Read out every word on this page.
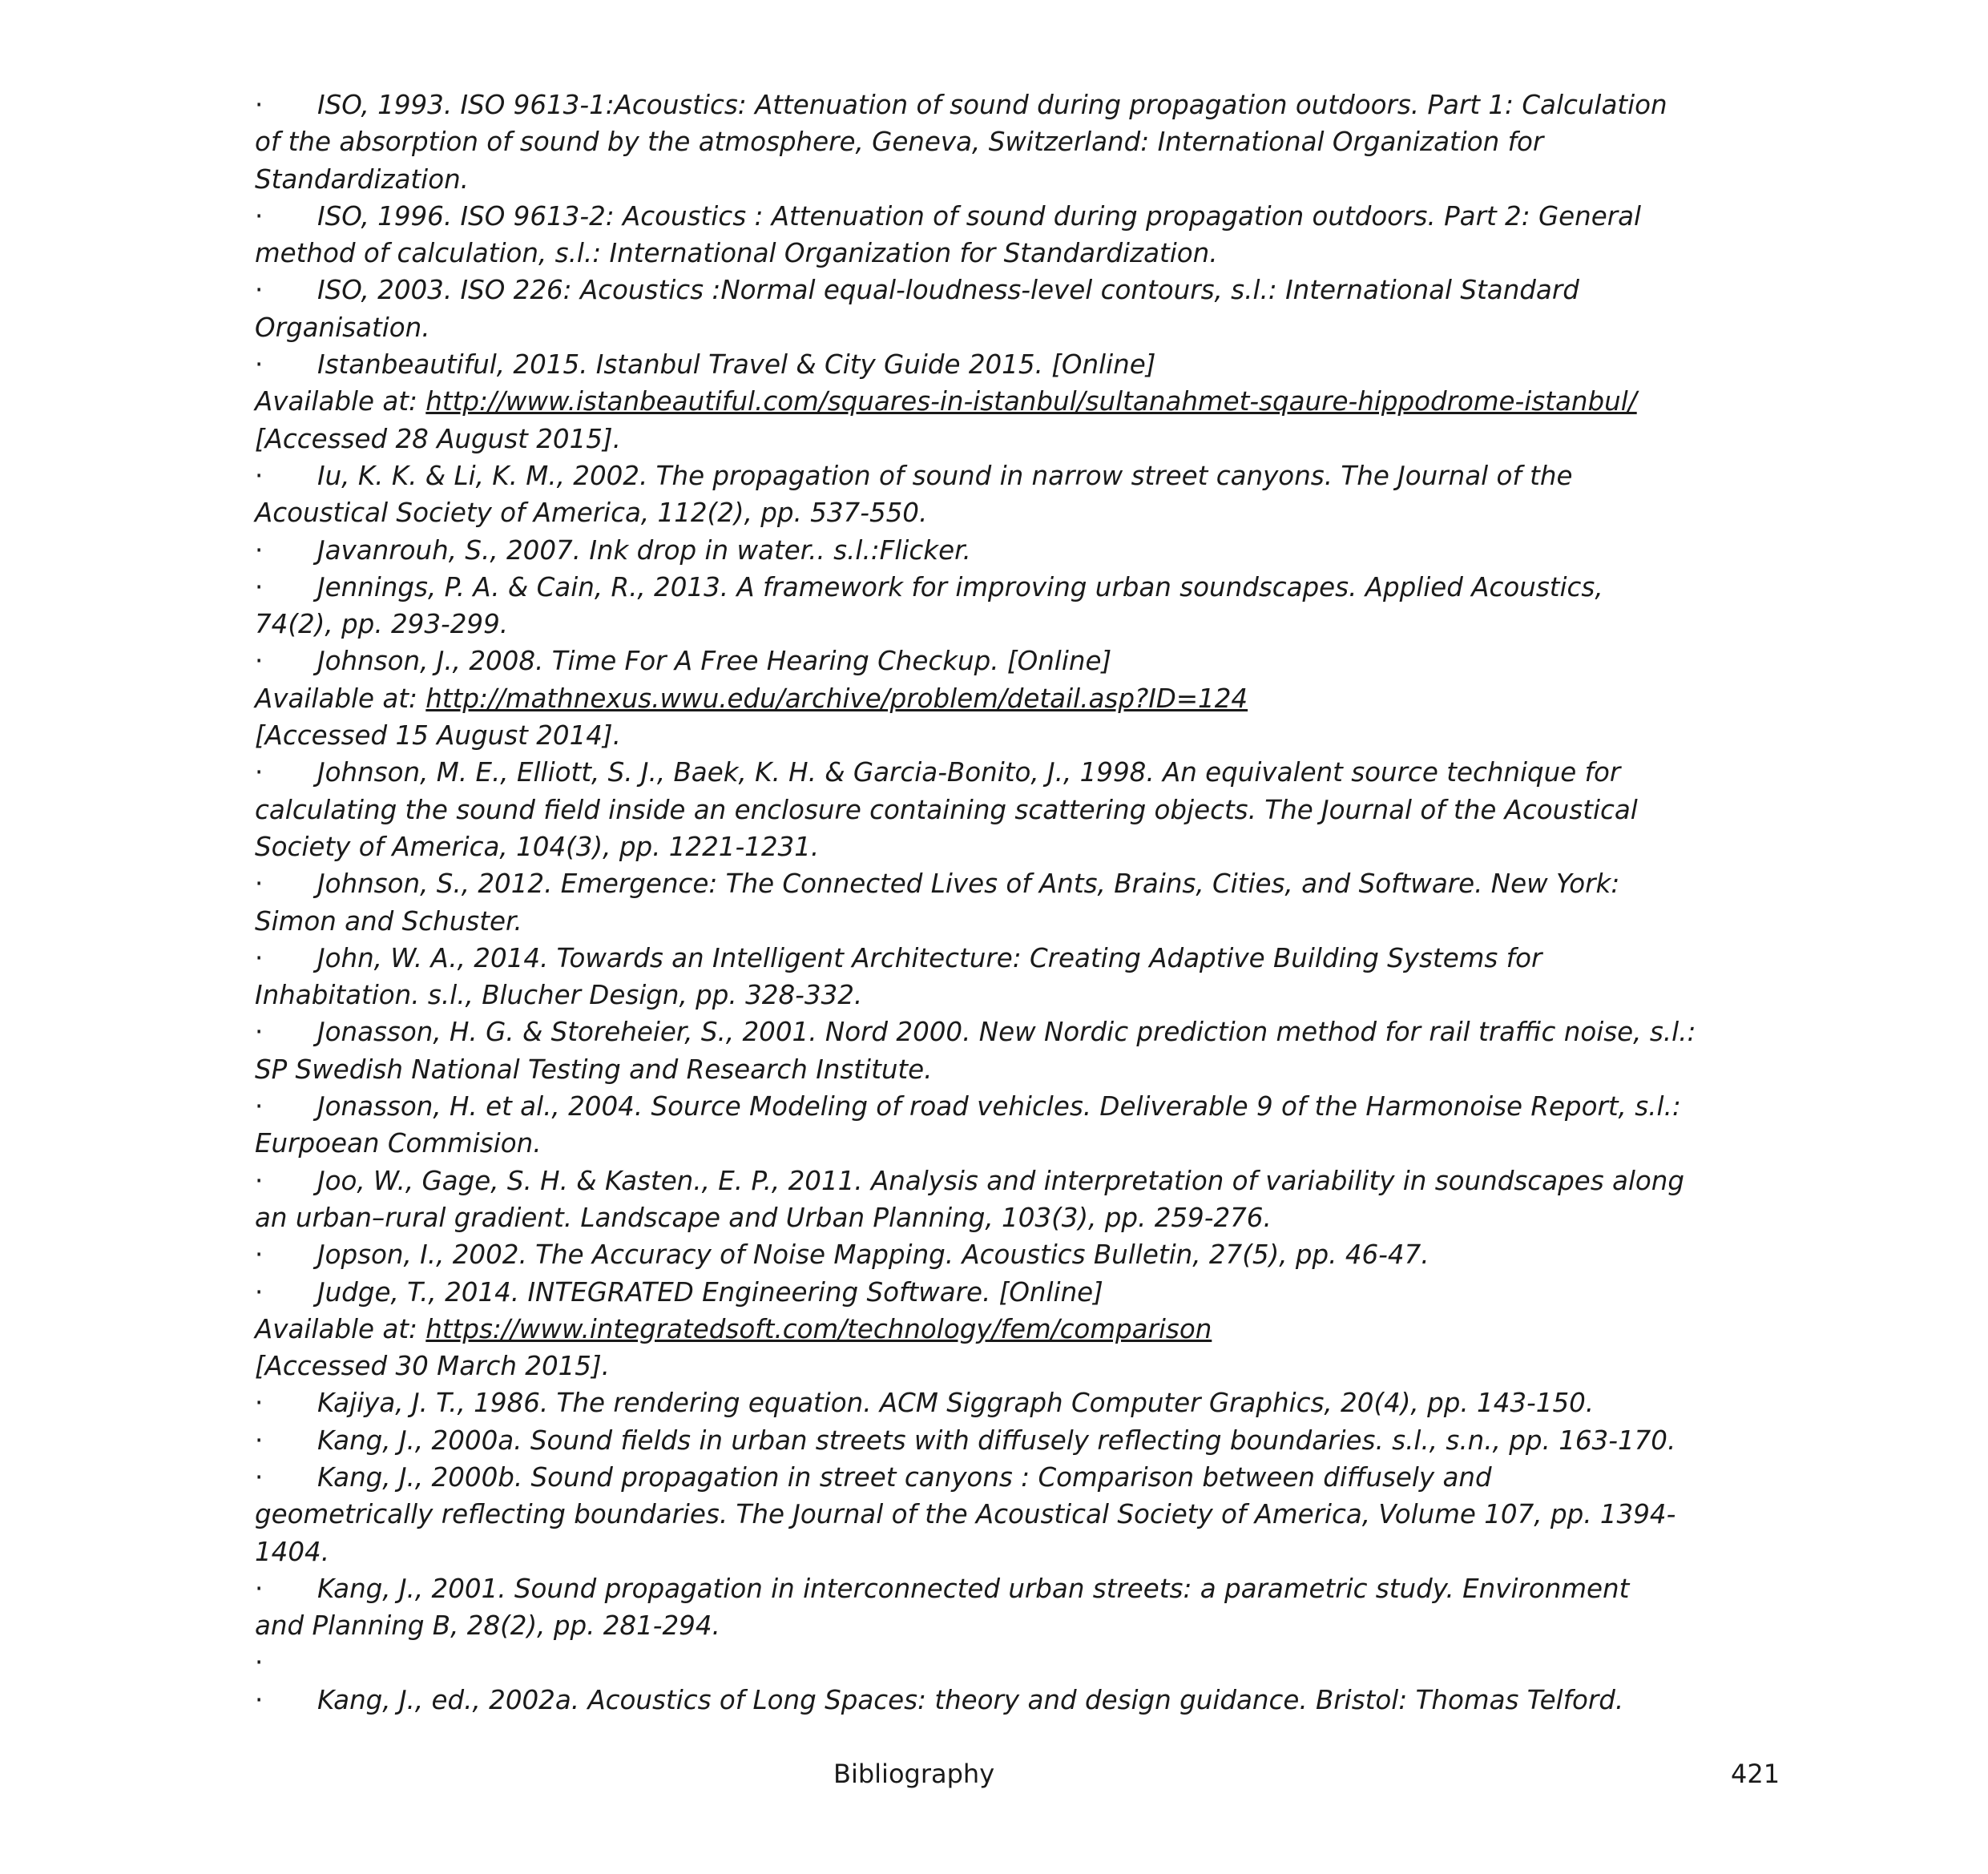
· ISO, 1993. ISO 9613-1:Acoustics: Attenuation of sound during propagation outdoors. Part 1: Calculation
of the absorption of sound by the atmosphere, Geneva, Switzerland: International Organization for
Standardization.
· ISO, 1996. ISO 9613-2: Acoustics : Attenuation of sound during propagation outdoors. Part 2: General
method of calculation, s.l.: International Organization for Standardization.
· ISO, 2003. ISO 226: Acoustics :Normal equal-loudness-level contours, s.l.: International Standard
Organisation.
· Istanbeautiful, 2015. Istanbul Travel & City Guide 2015. [Online]
Available at: http://www.istanbeautiful.com/squares-in-istanbul/sultanahmet-sqaure-hippodrome-istanbul/
[Accessed 28 August 2015].
· Iu, K. K. & Li, K. M., 2002. The propagation of sound in narrow street canyons. The Journal of the
Acoustical Society of America, 112(2), pp. 537-550.
· Javanrouh, S., 2007. Ink drop in water.. s.l.:Flicker.
· Jennings, P. A. & Cain, R., 2013. A framework for improving urban soundscapes. Applied Acoustics,
74(2), pp. 293-299.
· Johnson, J., 2008. Time For A Free Hearing Checkup. [Online]
Available at: http://mathnexus.wwu.edu/archive/problem/detail.asp?ID=124
[Accessed 15 August 2014].
· Johnson, M. E., Elliott, S. J., Baek, K. H. & Garcia-Bonito, J., 1998. An equivalent source technique for
calculating the sound field inside an enclosure containing scattering objects. The Journal of the Acoustical
Society of America, 104(3), pp. 1221-1231.
· Johnson, S., 2012. Emergence: The Connected Lives of Ants, Brains, Cities, and Software. New York:
Simon and Schuster.
· John, W. A., 2014. Towards an Intelligent Architecture: Creating Adaptive Building Systems for
Inhabitation. s.l., Blucher Design, pp. 328-332.
· Jonasson, H. G. & Storeheier, S., 2001. Nord 2000. New Nordic prediction method for rail traffic noise, s.l.:
SP Swedish National Testing and Research Institute.
· Jonasson, H. et al., 2004. Source Modeling of road vehicles. Deliverable 9 of the Harmonoise Report, s.l.:
Eurpoean Commision.
· Joo, W., Gage, S. H. & Kasten., E. P., 2011. Analysis and interpretation of variability in soundscapes along
an urban–rural gradient. Landscape and Urban Planning, 103(3), pp. 259-276.
· Jopson, I., 2002. The Accuracy of Noise Mapping. Acoustics Bulletin, 27(5), pp. 46-47.
· Judge, T., 2014. INTEGRATED Engineering Software. [Online]
Available at: https://www.integratedsoft.com/technology/fem/comparison
[Accessed 30 March 2015].
· Kajiya, J. T., 1986. The rendering equation. ACM Siggraph Computer Graphics, 20(4), pp. 143-150.
· Kang, J., 2000a. Sound fields in urban streets with diffusely reflecting boundaries. s.l., s.n., pp. 163-170.
· Kang, J., 2000b. Sound propagation in street canyons : Comparison between diffusely and
geometrically reflecting boundaries. The Journal of the Acoustical Society of America, Volume 107, pp. 1394-
1404.
· Kang, J., 2001. Sound propagation in interconnected urban streets: a parametric study. Environment
and Planning B, 28(2), pp. 281-294.
·
· Kang, J., ed., 2002a. Acoustics of Long Spaces: theory and design guidance. Bristol: Thomas Telford.
Bibliography	421
